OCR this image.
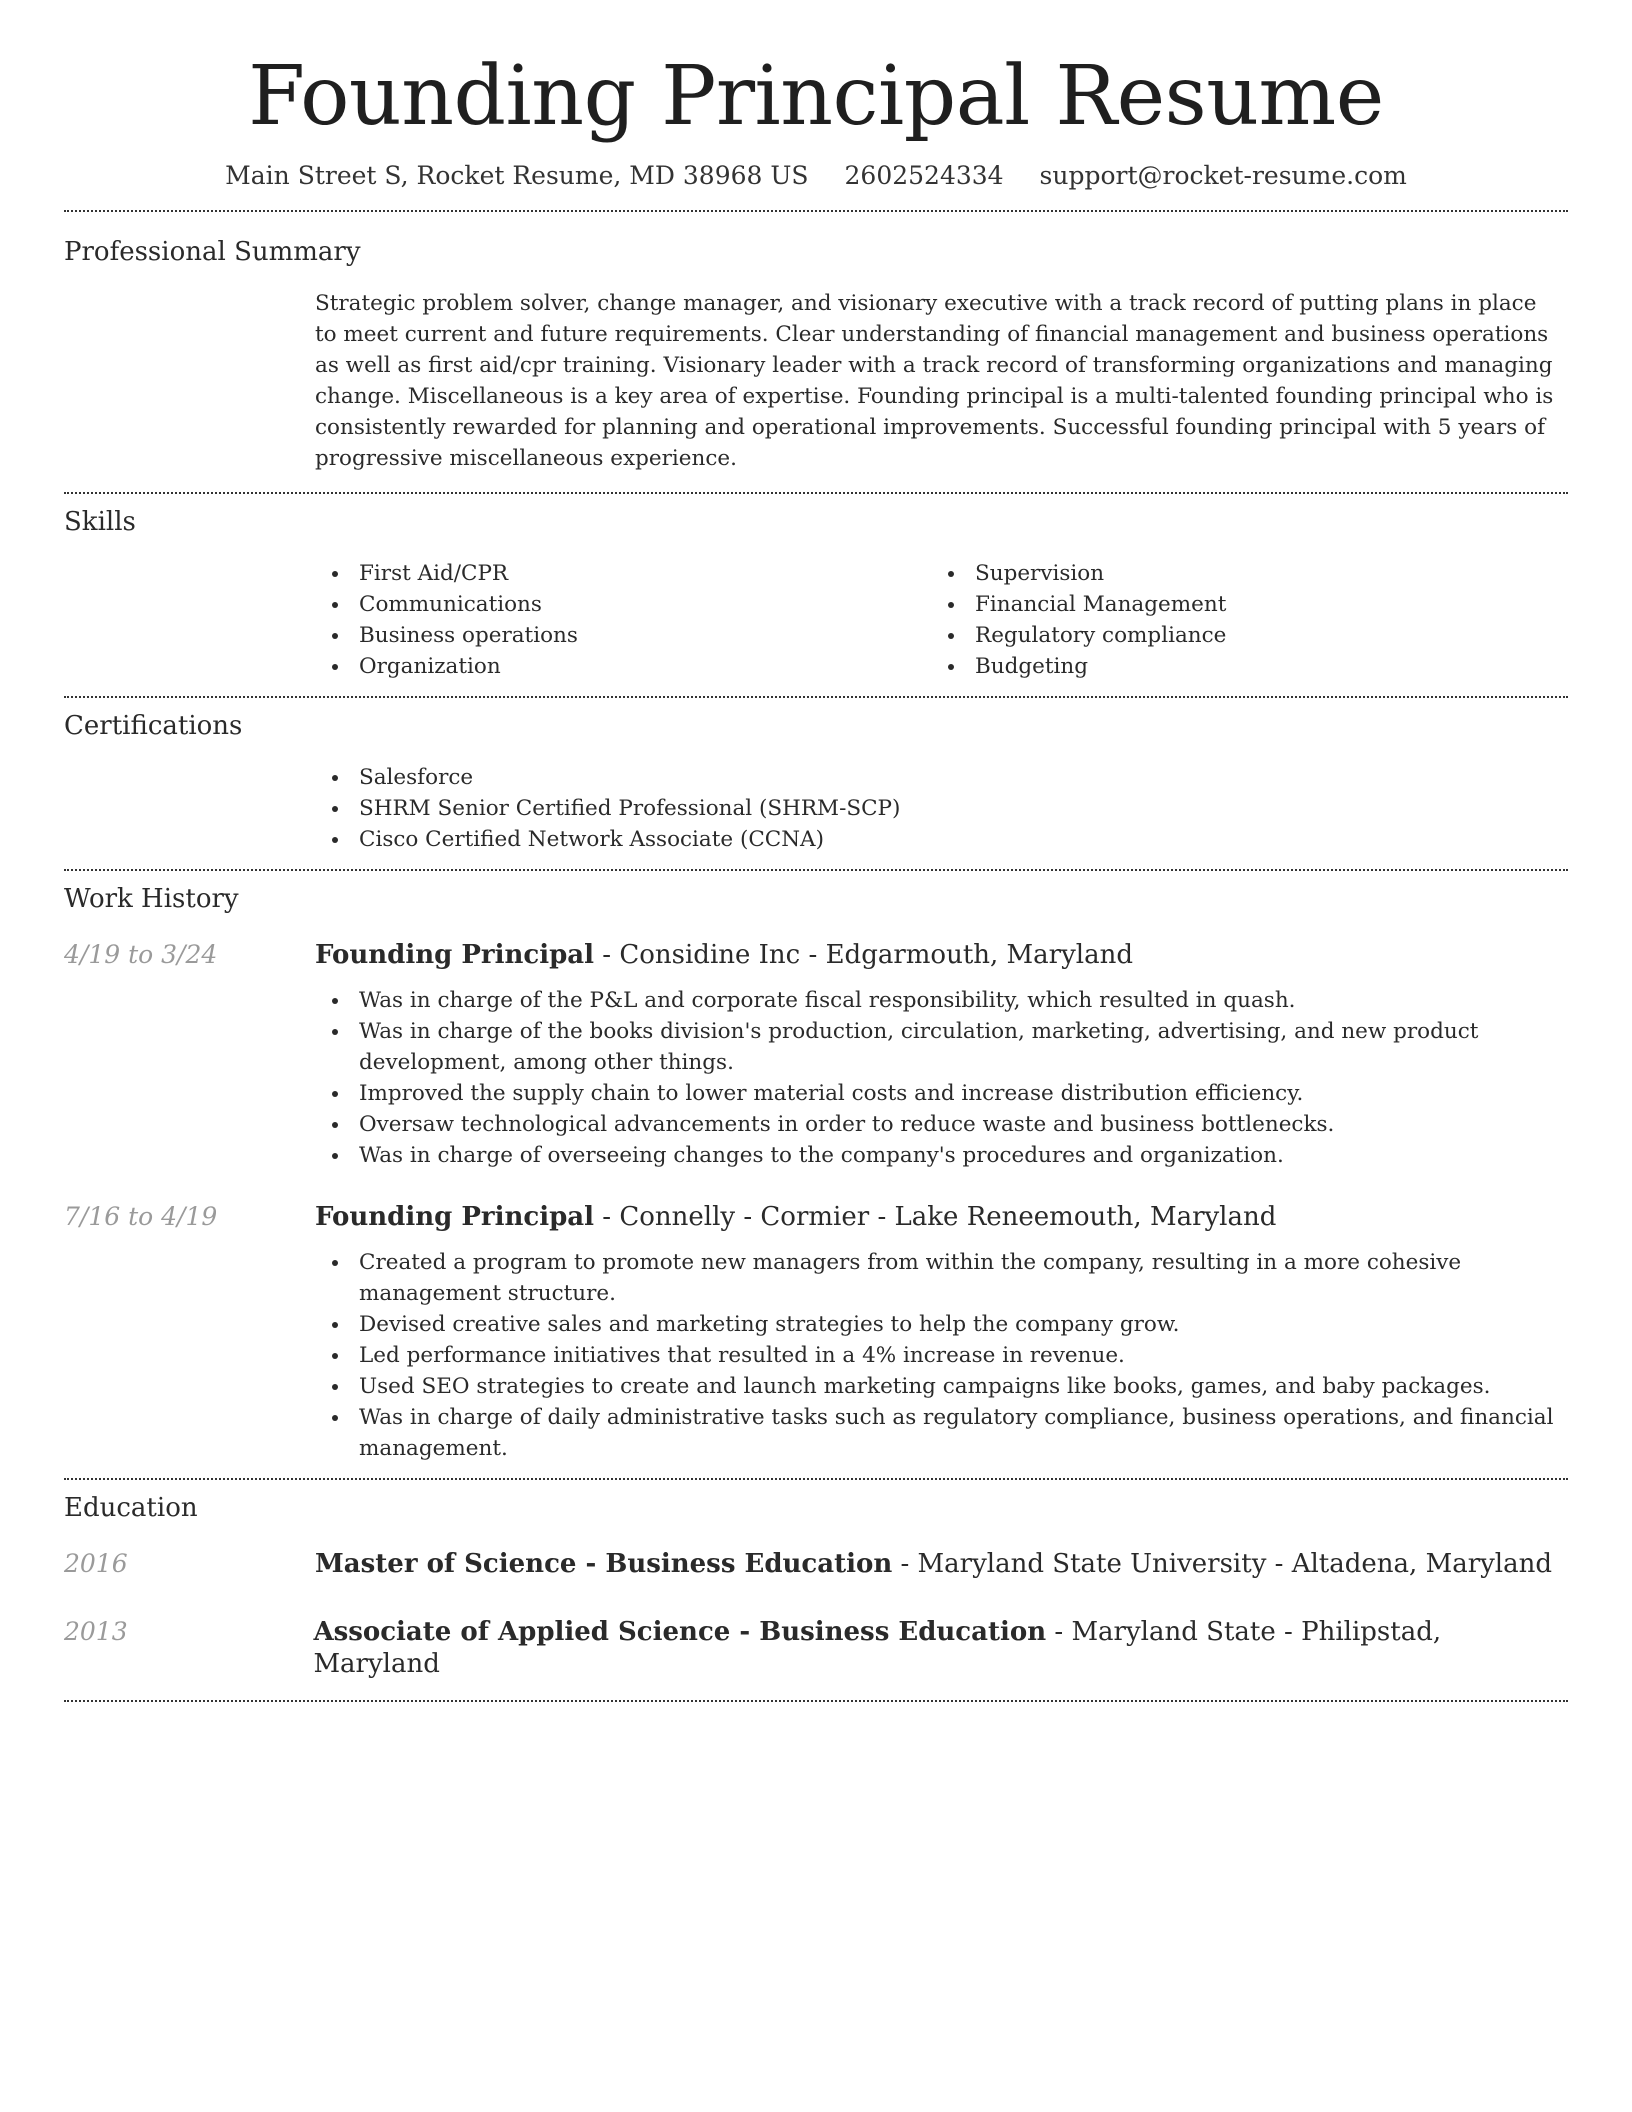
Founding Principal Resume
Main Street S, Rocket Resume, MD 38968 US 2602524334 support@rocket-resume.com
Professional Summary

Strategic problem solver, change manager, and visionary executive with a track record of putting plans in place to meet current and future requirements. Clear understanding of financial management and business operations as well as first aid/cpr training. Visionary leader with a track record of transforming organizations and managing change. Miscellaneous is a key area of expertise. Founding principal is a multi-talented founding principal who is consistently rewarded for planning and operational improvements. Successful founding principal with 5 years of progressive miscellaneous experience.

Skills
First Aid/CPR
Communications
Business operations
Organization
Supervision
Financial Management
Regulatory compliance
Budgeting
Certifications
Salesforce
SHRM Senior Certified Professional (SHRM-SCP)
Cisco Certified Network Associate (CCNA)
Work History
4/19 to 3/24	Founding Principal - Considine Inc - Edgarmouth, Maryland
Was in charge of the P&L and corporate fiscal responsibility, which resulted in quash.
Was in charge of the books division's production, circulation, marketing, advertising, and new product development, among other things.
Improved the supply chain to lower material costs and increase distribution efficiency.
Oversaw technological advancements in order to reduce waste and business bottlenecks.
Was in charge of overseeing changes to the company's procedures and organization.
7/16 to 4/19	Founding Principal - Connelly - Cormier - Lake Reneemouth, Maryland
Created a program to promote new managers from within the company, resulting in a more cohesive management structure.
Devised creative sales and marketing strategies to help the company grow.
Led performance initiatives that resulted in a 4% increase in revenue.
Used SEO strategies to create and launch marketing campaigns like books, games, and baby packages.
Was in charge of daily administrative tasks such as regulatory compliance, business operations, and financial management.
Education
2016	Master of Science - Business Education - Maryland State University - Altadena, Maryland
2013	Associate of Applied Science - Business Education - Maryland State - Philipstad, Maryland
